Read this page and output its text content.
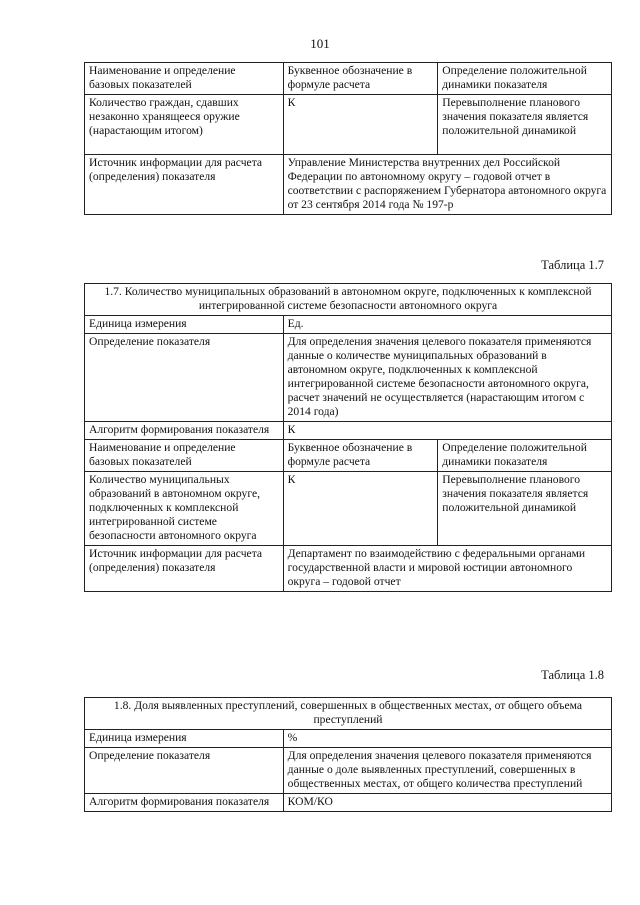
101
Наименование и определение базовых показателей	Буквенное обозначение в формуле расчета	Определение положительной динамики показателя
Количество граждан, сдавших незаконно хранящееся оружие (нарастающим итогом)	К	Перевыполнение планового значения показателя является положительной динамикой
Источник информации для расчета (определения) показателя	Управление Министерства внутренних дел Российской Федерации по автономному округу – годовой отчет в соответствии с распоряжением Губернатора автономного округа от 23 сентября 2014 года № 197-р	
Таблица 1.7
1.7. Количество муниципальных образований в автономном округе, подключенных к комплексной интегрированной системе безопасности автономного округа		
Единица измерения	Ед.	
Определение показателя	Для определения значения целевого показателя применяются данные о количестве муниципальных образований в автономном округе, подключенных к комплексной интегрированной системе безопасности автономного округа, расчет значений не осуществляется (нарастающим итогом с 2014 года)	
Алгоритм формирования показателя	К	
Наименование и определение базовых показателей	Буквенное обозначение в формуле расчета	Определение положительной динамики показателя
Количество муниципальных образований в автономном округе, подключенных к комплексной интегрированной системе безопасности автономного округа	К	Перевыполнение планового значения показателя является положительной динамикой
Источник информации для расчета (определения) показателя	Департамент по взаимодействию с федеральными органами государственной власти и мировой юстиции автономного округа – годовой отчет	
Таблица 1.8
1.8. Доля выявленных преступлений, совершенных в общественных местах, от общего объема преступлений	
Единица измерения	%
Определение показателя	Для определения значения целевого показателя применяются данные о доле выявленных преступлений, совершенных в общественных местах, от общего количества преступлений
Алгоритм формирования показателя	КОМ/КО
